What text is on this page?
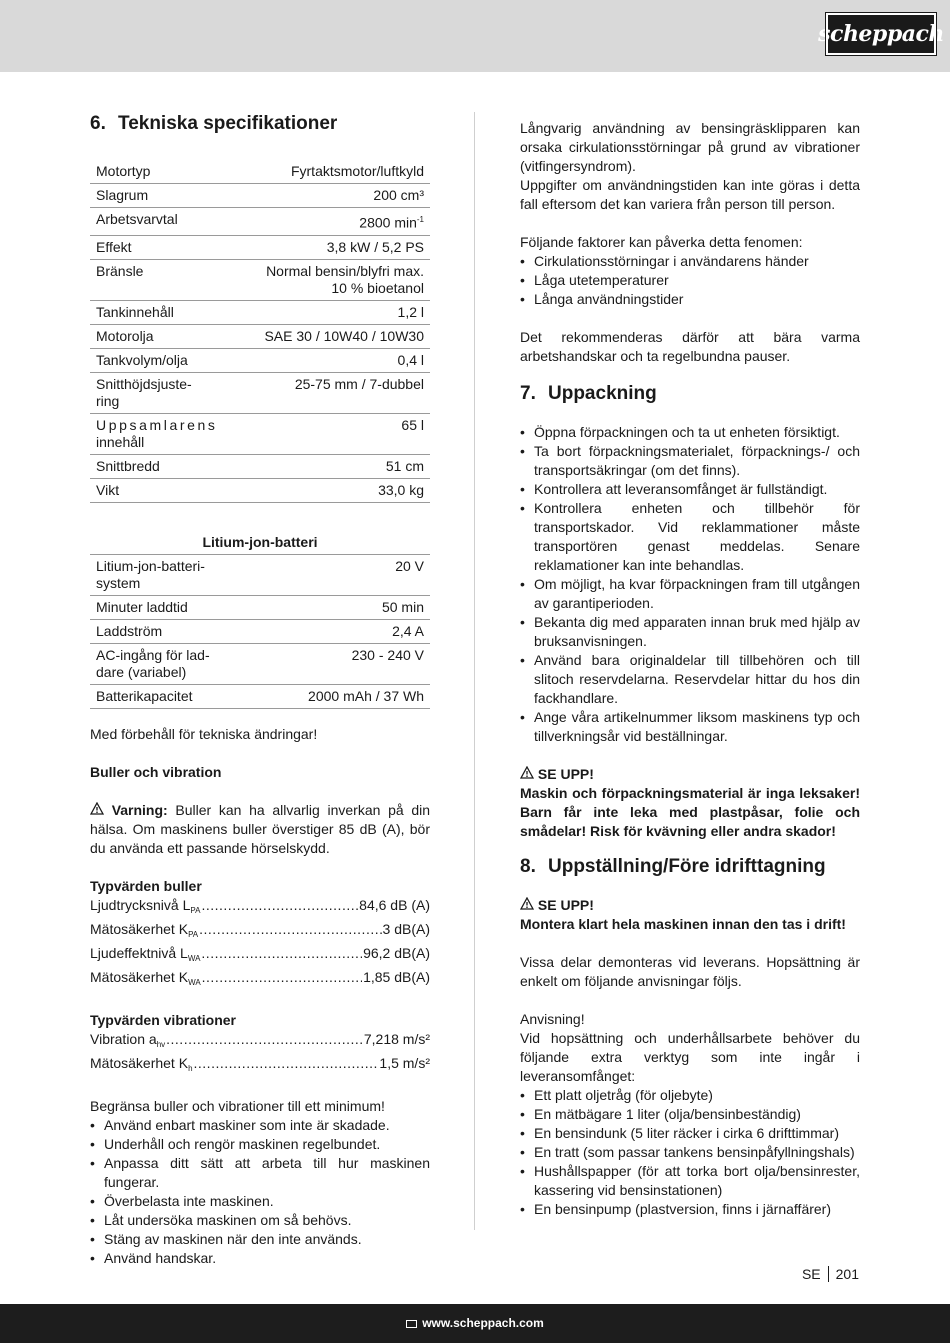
scheppach
6. Tekniska specifikationer
Motortyp	Fyrtaktsmotor/luftkyld
Slagrum	200 cm³
Arbetsvarvtal	2800 $\min^{-1}$
Effekt	3,8 kW / 5,2 PS
Bränsle	Normal bensin/blyfri max.
10 % bioetanol
Tankinnehåll	1,2 l
Motorolja	SAE 30 / 10W40 / 10W30
Tankvolym/olja	0,4 l
Snitthöjdsjuste-
ring	25-75 mm / 7-dubbel
Uppsamlarens
innehåll	65 l
Snittbredd	51 cm
Vikt	33,0 kg
Litium-jon-batteri
Litium-jon-batteri-
system	20 V
Minuter laddtid	50 min
Laddström	2,4 A
AC-ingång för lad-
dare (variabel)	230 - 240 V
Batterikapacitet	2000 mAh / 37 Wh

Med förbehåll för tekniska ändringar!

Buller och vibration

Varning: Buller kan ha allvarlig inverkan på din hälsa. Om maskinens buller överstiger 85 dB (A), bör du använda ett passande hörselskydd.

Typvärden buller

Ljudtrycksnivå $L_{PA}$ .....	84,6 dB (A)
Mätosäkerhet $K_{PA}$ .....	3 dB(A)
Ljudeffektnivå $L_{WA}$ .....	96,2 dB(A)
Mätosäkerhet $K_{WA}$ .....	1,85 dB(A)

Typvärden vibrationer

Vibration $a_{hv}$ .....	7,218 m/s²
Mätosäkerhet $K_h$ .....	1,5 m/s²

Begränsa buller och vibrationer till ett minimum!

• Använd enbart maskiner som inte är skadade.
• Underhåll och rengör maskinen regelbundet.
• Anpassa ditt sätt att arbeta till hur maskinen fungerar.
• Överbelasta inte maskinen.
• Låt undersöka maskinen om så behövs.
• Stäng av maskinen när den inte används.
• Använd handskar.

Långvarig användning av bensingräsklipparen kan orsaka cirkulationsstörningar på grund av vibrationer (vitfingersyndrom).

Uppgifter om användningstiden kan inte göras i detta fall eftersom det kan variera från person till person.

Följande faktorer kan påverka detta fenomen:

• Cirkulationsstörningar i användarens händer
• Låga utetemperaturer
• Långa användningstider

Det rekommenderas därför att bära varma arbetshandskar och ta regelbundna pauser.

7. Uppackning
• Öppna förpackningen och ta ut enheten försiktigt.
• Ta bort förpackningsmaterialet, förpacknings-/ och transportsäkringar (om det finns).
• Kontrollera att leveransomfånget är fullständigt.
• Kontrollera enheten och tillbehör för transportskador. Vid reklammationer måste transportören genast meddelas. Senare reklamationer kan inte behandlas.
• Om möjligt, ha kvar förpackningen fram till utgången av garantiperioden.
• Bekanta dig med apparaten innan bruk med hjälp av bruksanvisningen.
• Använd bara originaldelar till tillbehören och till slitoch reservdelarna. Reservdelar hittar du hos din fackhandlare.
• Ange våra artikelnummer liksom maskinens typ och tillverkningsår vid beställningar.

SE UPP!

Maskin och förpackningsmaterial är inga leksaker! Barn får inte leka med plastpåsar, folie och smådelar! Risk för kvävning eller andra skador!

8. Uppställning/Före idrifttagning

SE UPP!

Montera klart hela maskinen innan den tas i drift!

Vissa delar demonteras vid leverans. Hopsättning är enkelt om följande anvisningar följs.

Anvisning!

Vid hopsättning och underhållsarbete behöver du följande extra verktyg som inte ingår i leveransomfånget:

• Ett platt oljetråg (för oljebyte)
• En mätbägare 1 liter (olja/bensinbeständig)
• En bensindunk (5 liter räcker i cirka 6 drifttimmar)
• En tratt (som passar tankens bensinpåfyllningshals)
• Hushållspapper (för att torka bort olja/bensinrester, kassering vid bensinstationen)
• En bensinpump (plastversion, finns i järnaffärer)
SE 201
www.scheppach.com
